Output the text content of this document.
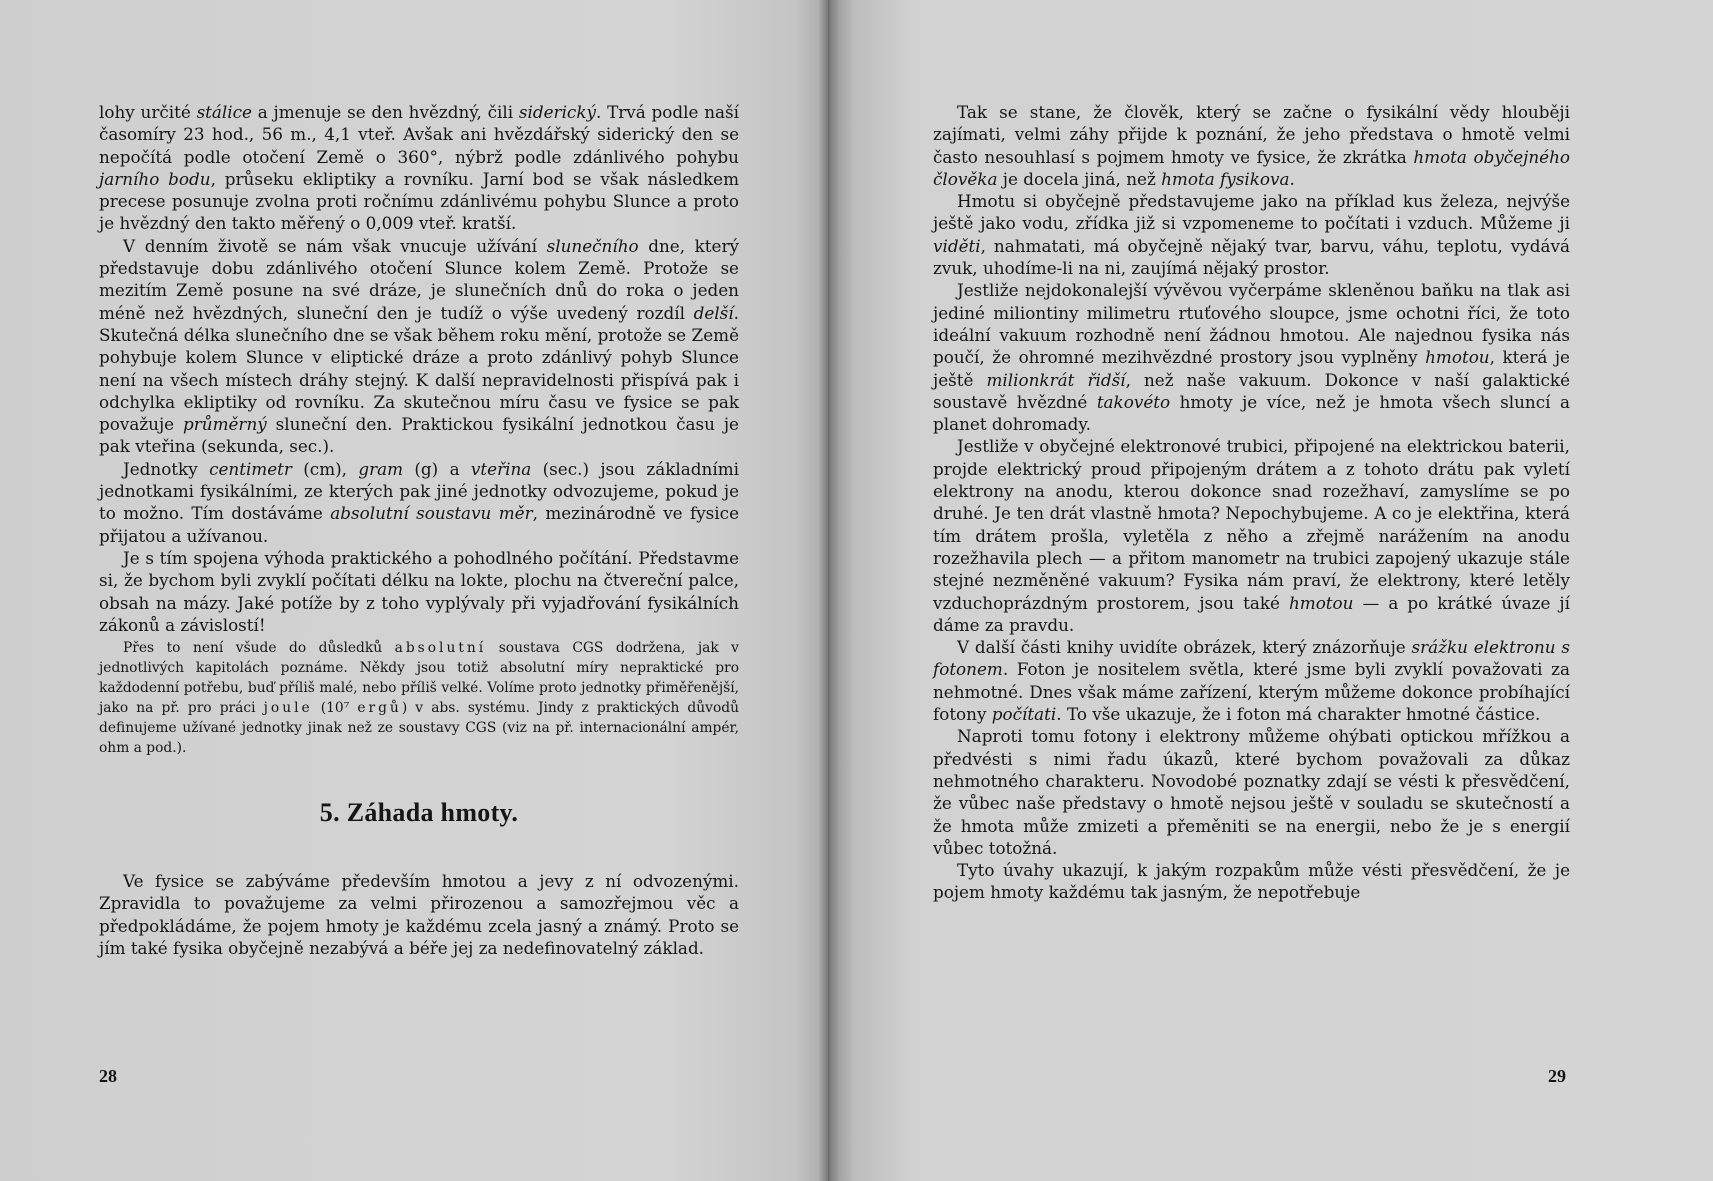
lohy určité stálice a jmenuje se den hvězdný, čili siderický. Trvá podle naší časomíry 23 hod., 56 m., 4,1 vteř. Avšak ani hvězdářský siderický den se nepočítá podle otočení Země o 360°, nýbrž podle zdánlivého pohybu jarního bodu, průseku ekliptiky a rovníku. Jarní bod se však následkem precese posunuje zvolna proti ročnímu zdánlivému pohybu Slunce a proto je hvězdný den takto měřený o 0,009 vteř. kratší.

V denním životě se nám však vnucuje užívání slunečního dne, který představuje dobu zdánlivého otočení Slunce kolem Země. Protože se mezitím Země posune na své dráze, je slunečních dnů do roka o jeden méně než hvězdných, sluneční den je tudíž o výše uvedený rozdíl delší. Skutečná délka slunečního dne se však během roku mění, protože se Země pohybuje kolem Slunce v eliptické dráze a proto zdánlivý pohyb Slunce není na všech místech dráhy stejný. K další nepravidelnosti přispívá pak i odchylka ekliptiky od rovníku. Za skutečnou míru času ve fysice se pak považuje průměrný sluneční den. Praktickou fysikální jednotkou času je pak vteřina (sekunda, sec.).

Jednotky centimetr (cm), gram (g) a vteřina (sec.) jsou základními jednotkami fysikálními, ze kterých pak jiné jednotky odvozujeme, pokud je to možno. Tím dostáváme absolutní soustavu měr, mezinárodně ve fysice přijatou a užívanou.

Je s tím spojena výhoda praktického a pohodlného počítání. Představme si, že bychom byli zvyklí počítati délku na lokte, plochu na čtvereční palce, obsah na mázy. Jaké potíže by z toho vyplývaly při vyjadřování fysikálních zákonů a závislostí!

Přes to není všude do důsledků absolutní soustava CGS dodržena, jak v jednotlivých kapitolách poznáme. Někdy jsou totiž absolutní míry nepraktické pro každodenní potřebu, buď příliš malé, nebo příliš velké. Volíme proto jednotky přiměřenější, jako na př. pro práci joule (10⁷ ergů) v abs. systému. Jindy z praktických důvodů definujeme užívané jednotky jinak než ze soustavy CGS (viz na př. internacionální ampér, ohm a pod.).

5. Záhada hmoty.

Ve fysice se zabýváme především hmotou a jevy z ní odvozenými. Zpravidla to považujeme za velmi přirozenou a samozřejmou věc a předpokládáme, že pojem hmoty je každému zcela jasný a známý. Proto se jím také fysika obyčejně nezabývá a béře jej za nedefinovatelný základ.

28

Tak se stane, že člověk, který se začne o fysikální vědy hlouběji zajímati, velmi záhy přijde k poznání, že jeho představa o hmotě velmi často nesouhlasí s pojmem hmoty ve fysice, že zkrátka hmota obyčejného člověka je docela jiná, než hmota fysikova.

Hmotu si obyčejně představujeme jako na příklad kus železa, nejvýše ještě jako vodu, zřídka již si vzpomeneme to počítati i vzduch. Můžeme ji viděti, nahmatati, má obyčejně nějaký tvar, barvu, váhu, teplotu, vydává zvuk, uhodíme-li na ni, zaujímá nějaký prostor.

Jestliže nejdokonalejší vývěvou vyčerpáme skleněnou baňku na tlak asi jediné miliontiny milimetru rtuťového sloupce, jsme ochotni říci, že toto ideální vakuum rozhodně není žádnou hmotou. Ale najednou fysika nás poučí, že ohromné mezihvězdné prostory jsou vyplněny hmotou, která je ještě milionkrát řidší, než naše vakuum. Dokonce v naší galaktické soustavě hvězdné takovéto hmoty je více, než je hmota všech sluncí a planet dohromady.

Jestliže v obyčejné elektronové trubici, připojené na elektrickou baterii, projde elektrický proud připojeným drátem a z tohoto drátu pak vyletí elektrony na anodu, kterou dokonce snad rozežhaví, zamyslíme se po druhé. Je ten drát vlastně hmota? Nepochybujeme. A co je elektřina, která tím drátem prošla, vyletěla z něho a zřejmě narážením na anodu rozežhavila plech — a přitom manometr na trubici zapojený ukazuje stále stejné nezměněné vakuum? Fysika nám praví, že elektrony, které letěly vzduchoprázdným prostorem, jsou také hmotou — a po krátké úvaze jí dáme za pravdu.

V další části knihy uvidíte obrázek, který znázorňuje srážku elektronu s fotonem. Foton je nositelem světla, které jsme byli zvyklí považovati za nehmotné. Dnes však máme zařízení, kterým můžeme dokonce probíhající fotony počítati. To vše ukazuje, že i foton má charakter hmotné částice.

Naproti tomu fotony i elektrony můžeme ohýbati optickou mřížkou a předvésti s nimi řadu úkazů, které bychom považovali za důkaz nehmotného charakteru. Novodobé poznatky zdají se vésti k přesvědčení, že vůbec naše představy o hmotě nejsou ještě v souladu se skutečností a že hmota může zmizeti a přeměniti se na energii, nebo že je s energií vůbec totožná.

Tyto úvahy ukazují, k jakým rozpakům může vésti přesvědčení, že je pojem hmoty každému tak jasným, že nepotřebuje

29
